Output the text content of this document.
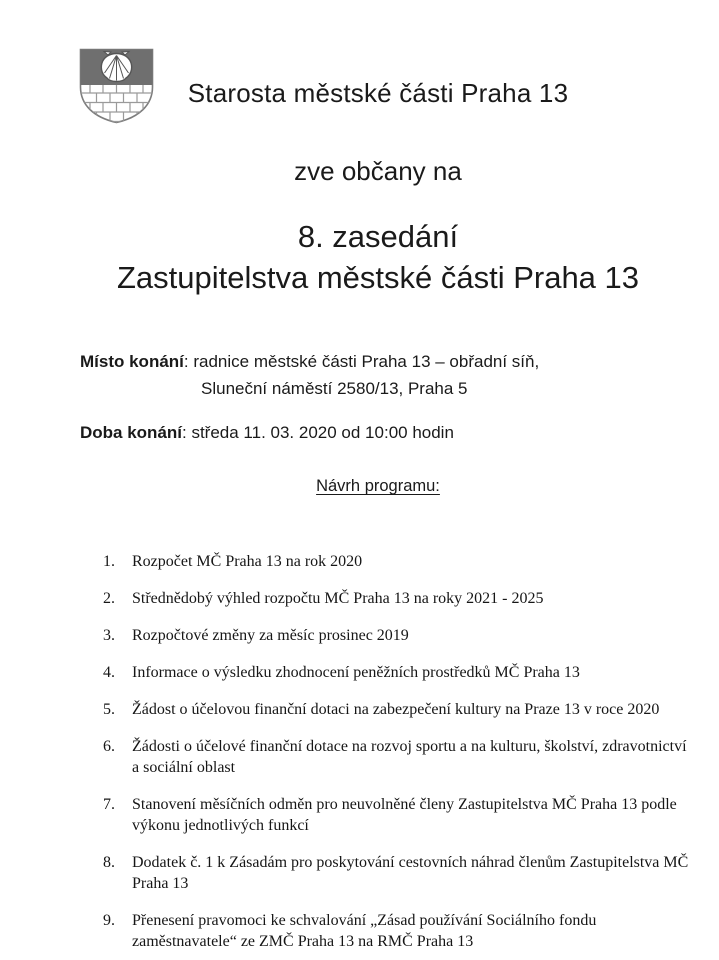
Starosta městské části Praha 13
zve občany na
8. zasedání
Zastupitelstva městské části Praha 13
Místo konání: radnice městské části Praha 13 – obřadní síň,
Sluneční náměstí 2580/13, Praha 5
Doba konání: středa 11. 03. 2020 od 10:00 hodin
Návrh programu:
1.	Rozpočet MČ Praha 13 na rok 2020
2.	Střednědobý výhled rozpočtu MČ Praha 13 na roky 2021 - 2025
3.	Rozpočtové změny za měsíc prosinec 2019
4.	Informace o výsledku zhodnocení peněžních prostředků MČ Praha 13
5.	Žádost o účelovou finanční dotaci na zabezpečení kultury na Praze 13 v roce 2020
6.	Žádosti o účelové finanční dotace na rozvoj sportu a na kulturu, školství, zdravotnictví a sociální oblast
7.	Stanovení měsíčních odměn pro neuvolněné členy Zastupitelstva MČ Praha 13 podle výkonu jednotlivých funkcí
8.	Dodatek č. 1 k Zásadám pro poskytování cestovních náhrad členům Zastupitelstva MČ Praha 13
9.	Přenesení pravomoci ke schvalování „Zásad používání Sociálního fondu zaměstnavatele“ ze ZMČ Praha 13 na RMČ Praha 13
